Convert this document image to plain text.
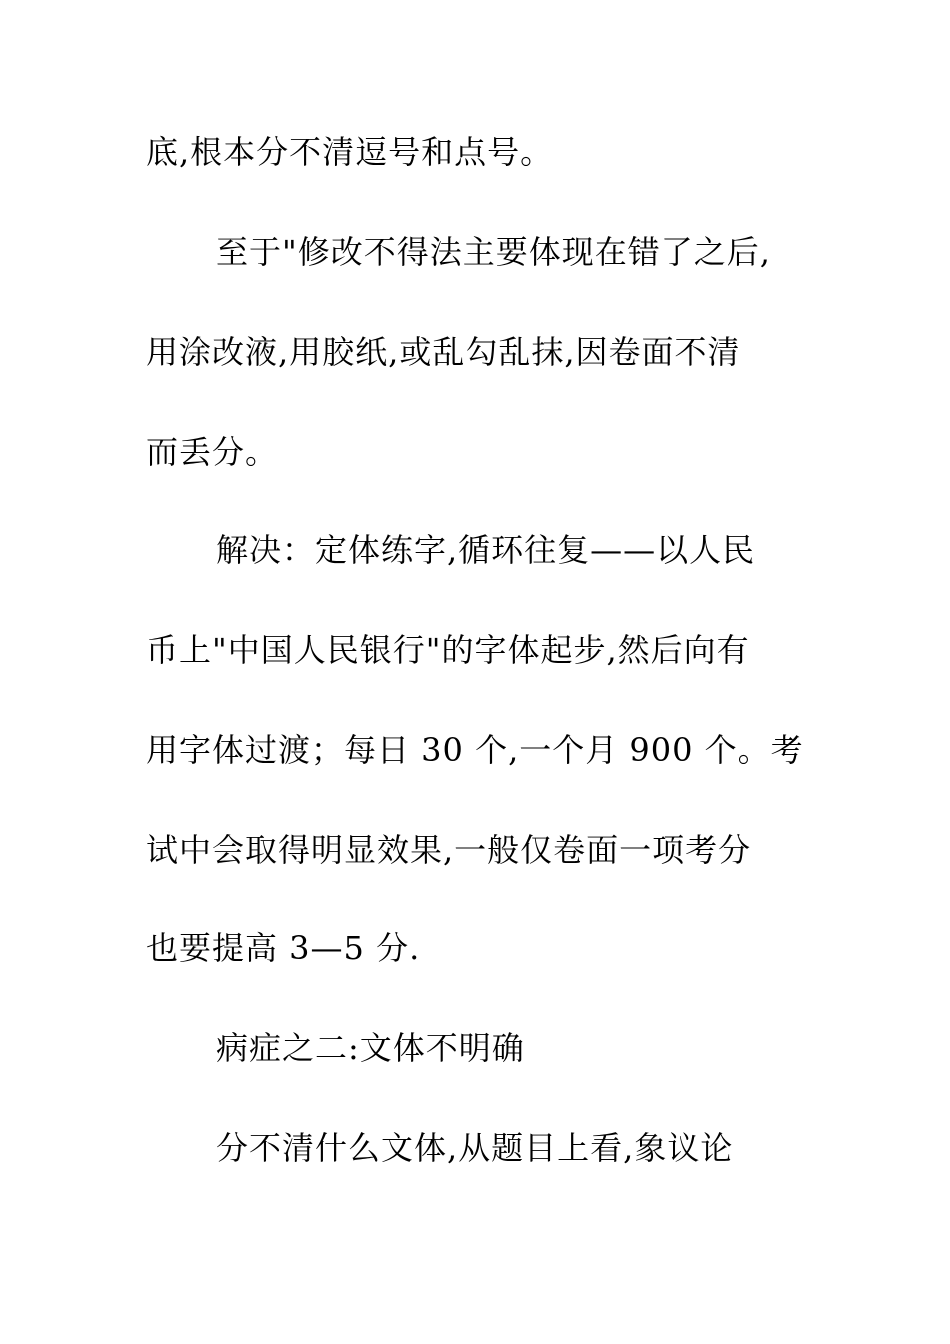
底,根本分不清逗号和点号。
至于"修改不得法主要体现在错了之后,
用涂改液,用胶纸,或乱勾乱抹,因卷面不清
而丢分。
解决：定体练字,循环往复——以人民
币上"中国人民银行"的字体起步,然后向有
用字体过渡；每日 30 个,一个月 900 个。考
试中会取得明显效果,一般仅卷面一项考分
也要提高 3—5 分.
病症之二:文体不明确
分不清什么文体,从题目上看,象议论
